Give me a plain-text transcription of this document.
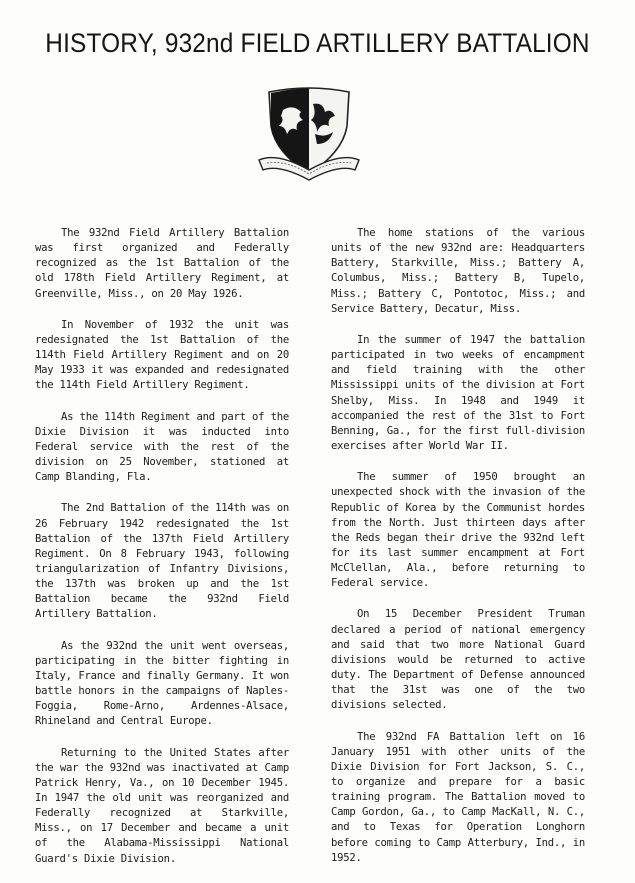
HISTORY, 932nd FIELD ARTILLERY BATTALION

The 932nd Field Artillery Battalion was first organized and Federally recognized as the 1st Battalion of the old 178th Field Artillery Regiment, at Greenville, Miss., on 20 May 1926.

In November of 1932 the unit was redesignated the 1st Battalion of the 114th Field Artillery Regiment and on 20 May 1933 it was expanded and redesignated the 114th Field Artillery Regiment.

As the 114th Regiment and part of the Dixie Division it was inducted into Federal service with the rest of the division on 25 November, stationed at Camp Blanding, Fla.

The 2nd Battalion of the 114th was on 26 February 1942 redesignated the 1st Battalion of the 137th Field Artillery Regiment. On 8 February 1943, following triangularization of Infantry Divisions, the 137th was broken up and the 1st Battalion became the 932nd Field Artillery Battalion.

As the 932nd the unit went overseas, participating in the bitter fighting in Italy, France and finally Germany. It won battle honors in the campaigns of Naples-Foggia, Rome-Arno, Ardennes-Alsace, Rhineland and Central Europe.

Returning to the United States after the war the 932nd was inactivated at Camp Patrick Henry, Va., on 10 December 1945. In 1947 the old unit was reorganized and Federally recognized at Starkville, Miss., on 17 December and became a unit of the Alabama-Mississippi National Guard's Dixie Division.

The home stations of the various units of the new 932nd are: Headquarters Battery, Starkville, Miss.; Battery A, Columbus, Miss.; Battery B, Tupelo, Miss.; Battery C, Pontotoc, Miss.; and Service Battery, Decatur, Miss.

In the summer of 1947 the battalion participated in two weeks of encampment and field training with the other Mississippi units of the division at Fort Shelby, Miss. In 1948 and 1949 it accompanied the rest of the 31st to Fort Benning, Ga., for the first full-division exercises after World War II.

The summer of 1950 brought an unexpected shock with the invasion of the Republic of Korea by the Communist hordes from the North. Just thirteen days after the Reds began their drive the 932nd left for its last summer encampment at Fort McClellan, Ala., before returning to Federal service.

On 15 December President Truman declared a period of national emergency and said that two more National Guard divisions would be returned to active duty. The Department of Defense announced that the 31st was one of the two divisions selected.

The 932nd FA Battalion left on 16 January 1951 with other units of the Dixie Division for Fort Jackson, S. C., to organize and prepare for a basic training program. The Battalion moved to Camp Gordon, Ga., to Camp MacKall, N. C., and to Texas for Operation Longhorn before coming to Camp Atterbury, Ind., in 1952.
